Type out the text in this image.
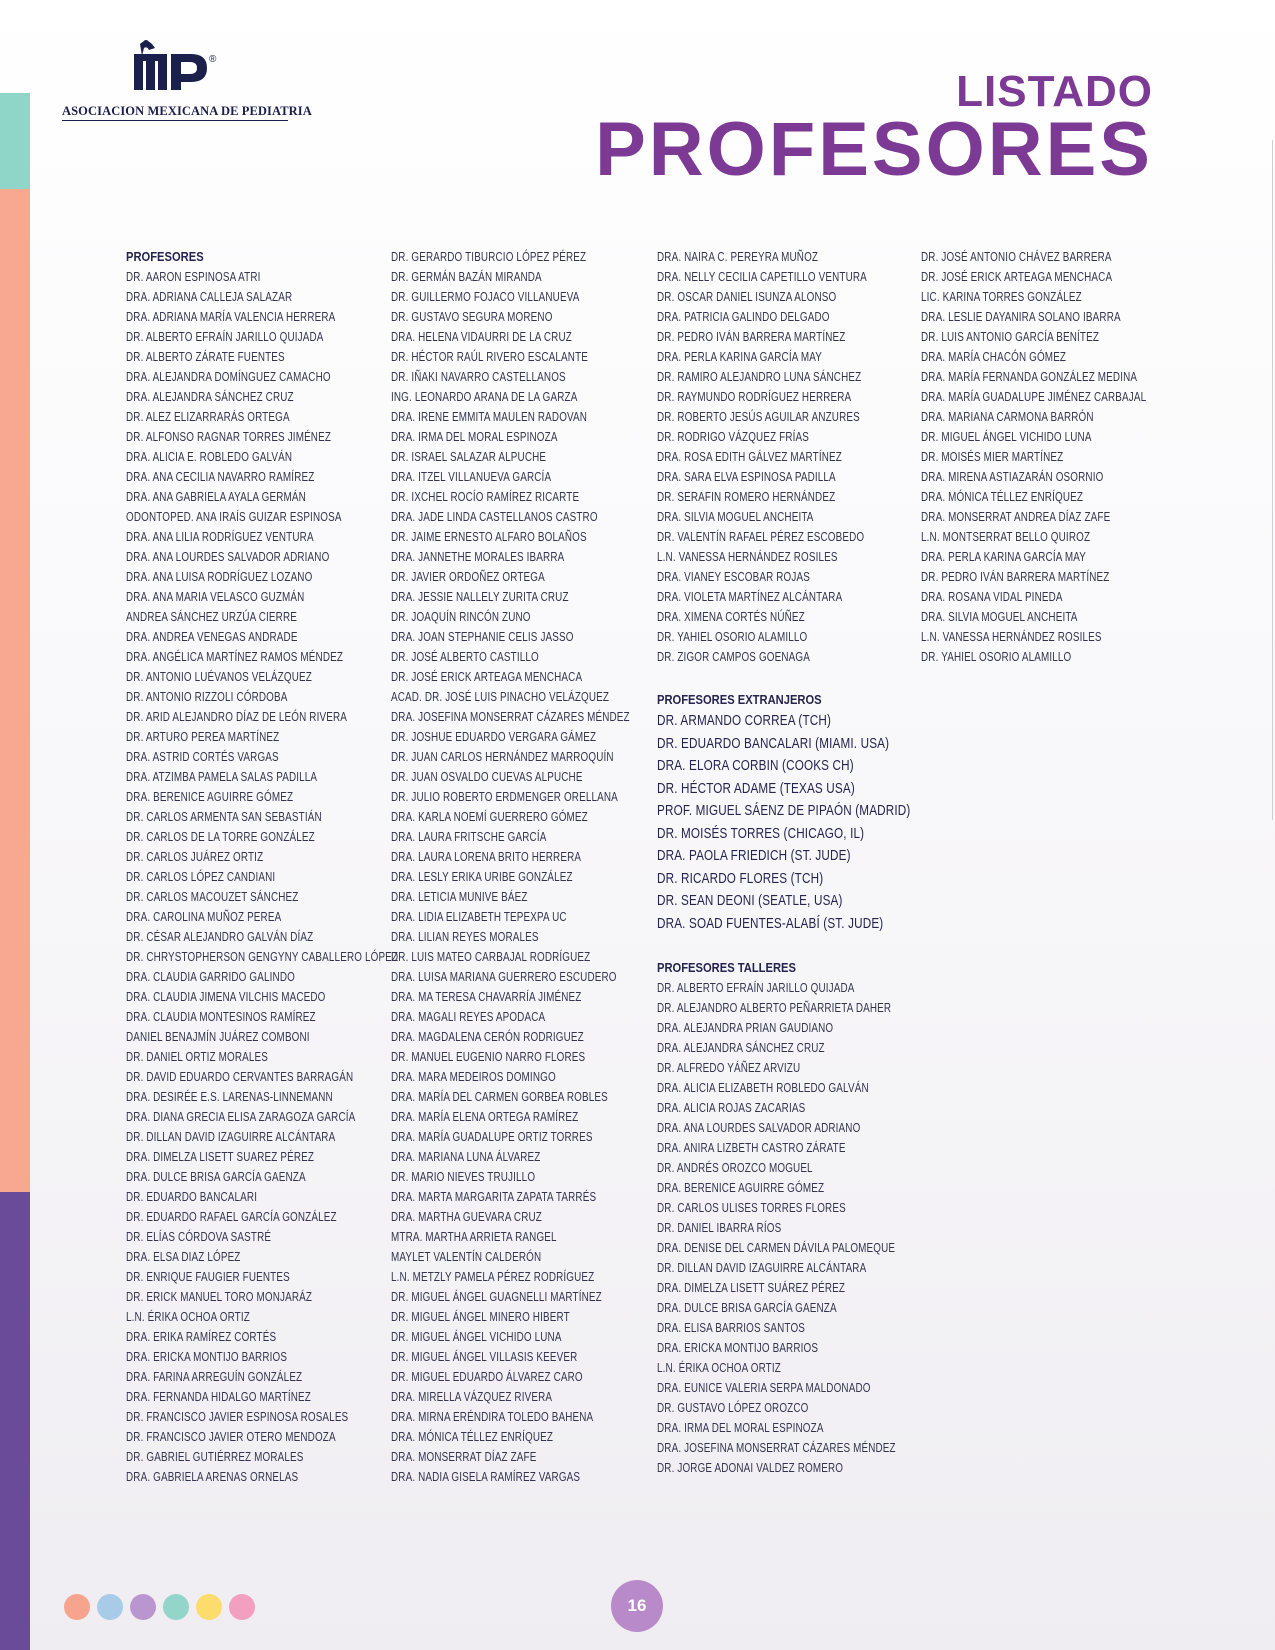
®
ASOCIACION MEXICANA DE PEDIATRIA	LISTADO
PROFESORES
PROFESORES
DR. AARON ESPINOSA ATRI
DRA. ADRIANA CALLEJA SALAZAR
DRA. ADRIANA MARÍA VALENCIA HERRERA
DR. ALBERTO EFRAÍN JARILLO QUIJADA
DR. ALBERTO ZÁRATE FUENTES
DRA. ALEJANDRA DOMÍNGUEZ CAMACHO
DRA. ALEJANDRA SÁNCHEZ CRUZ
DR. ALEZ ELIZARRARÁS ORTEGA
DR. ALFONSO RAGNAR TORRES JIMÉNEZ
DRA. ALICIA E. ROBLEDO GALVÁN
DRA. ANA CECILIA NAVARRO RAMÍREZ
DRA. ANA GABRIELA AYALA GERMÁN
ODONTOPED. ANA IRAÍS GUIZAR ESPINOSA
DRA. ANA LILIA RODRÍGUEZ VENTURA
DRA. ANA LOURDES SALVADOR ADRIANO
DRA. ANA LUISA RODRÍGUEZ LOZANO
DRA. ANA MARIA VELASCO GUZMÁN
ANDREA SÁNCHEZ URZÚA CIERRE
DRA. ANDREA VENEGAS ANDRADE
DRA. ANGÉLICA MARTÍNEZ RAMOS MÉNDEZ
DR. ANTONIO LUÉVANOS VELÁZQUEZ
DR. ANTONIO RIZZOLI CÓRDOBA
DR. ARID ALEJANDRO DÍAZ DE LEÓN RIVERA
DR. ARTURO PEREA MARTÍNEZ
DRA. ASTRID CORTÉS VARGAS
DRA. ATZIMBA PAMELA SALAS PADILLA
DRA. BERENICE AGUIRRE GÓMEZ
DR. CARLOS ARMENTA SAN SEBASTIÁN
DR. CARLOS DE LA TORRE GONZÁLEZ
DR. CARLOS JUÁREZ ORTIZ
DR. CARLOS LÓPEZ CANDIANI
DR. CARLOS MACOUZET SÁNCHEZ
DRA. CAROLINA MUÑOZ PEREA
DR. CÉSAR ALEJANDRO GALVÁN DÍAZ
DR. CHRYSTOPHERSON GENGYNY CABALLERO LÓPEZ
DRA. CLAUDIA GARRIDO GALINDO
DRA. CLAUDIA JIMENA VILCHIS MACEDO
DRA. CLAUDIA MONTESINOS RAMÍREZ
DANIEL BENAJMÍN JUÁREZ COMBONI
DR. DANIEL ORTIZ MORALES
DR. DAVID EDUARDO CERVANTES BARRAGÁN
DRA. DESIRÉE E.S. LARENAS-LINNEMANN
DRA. DIANA GRECIA ELISA ZARAGOZA GARCÍA
DR. DILLAN DAVID IZAGUIRRE ALCÁNTARA
DRA. DIMELZA LISETT SUAREZ PÉREZ
DRA. DULCE BRISA GARCÍA GAENZA
DR. EDUARDO BANCALARI
DR. EDUARDO RAFAEL GARCÍA GONZÁLEZ
DR. ELÍAS CÓRDOVA SASTRÉ
DRA. ELSA DIAZ LÓPEZ
DR. ENRIQUE FAUGIER FUENTES
DR. ERICK MANUEL TORO MONJARÁZ
L.N. ÉRIKA OCHOA ORTIZ
DRA. ERIKA RAMÍREZ CORTÉS
DRA. ERICKA MONTIJO BARRIOS
DRA. FARINA ARREGUÍN GONZÁLEZ
DRA. FERNANDA HIDALGO MARTÍNEZ
DR. FRANCISCO JAVIER ESPINOSA ROSALES
DR. FRANCISCO JAVIER OTERO MENDOZA
DR. GABRIEL GUTIÉRREZ MORALES
DRA. GABRIELA ARENAS ORNELAS
DR. GERARDO TIBURCIO LÓPEZ PÉREZ
DR. GERMÁN BAZÁN MIRANDA
DR. GUILLERMO FOJACO VILLANUEVA
DR. GUSTAVO SEGURA MORENO
DRA. HELENA VIDAURRI DE LA CRUZ
DR. HÉCTOR RAÚL RIVERO ESCALANTE
DR. IÑAKI NAVARRO CASTELLANOS
ING. LEONARDO ARANA DE LA GARZA
DRA. IRENE EMMITA MAULEN RADOVAN
DRA. IRMA DEL MORAL ESPINOZA
DR. ISRAEL SALAZAR ALPUCHE
DRA. ITZEL VILLANUEVA GARCÍA
DR. IXCHEL ROCÍO RAMÍREZ RICARTE
DRA. JADE LINDA CASTELLANOS CASTRO
DR. JAIME ERNESTO ALFARO BOLAÑOS
DRA. JANNETHE MORALES IBARRA
DR. JAVIER ORDOÑEZ ORTEGA
DRA. JESSIE NALLELY ZURITA CRUZ
DR. JOAQUÍN RINCÓN ZUNO
DRA. JOAN STEPHANIE CELIS JASSO
DR. JOSÉ ALBERTO CASTILLO
DR. JOSÉ ERICK ARTEAGA MENCHACA
ACAD. DR. JOSÉ LUIS PINACHO VELÁZQUEZ
DRA. JOSEFINA MONSERRAT CÁZARES MÉNDEZ
DR. JOSHUE EDUARDO VERGARA GÁMEZ
DR. JUAN CARLOS HERNÁNDEZ MARROQUÍN
DR. JUAN OSVALDO CUEVAS ALPUCHE
DR. JULIO ROBERTO ERDMENGER ORELLANA
DRA. KARLA NOEMÍ GUERRERO GÓMEZ
DRA. LAURA FRITSCHE GARCÍA
DRA. LAURA LORENA BRITO HERRERA
DRA. LESLY ERIKA URIBE GONZÁLEZ
DRA. LETICIA MUNIVE BÁEZ
DRA. LIDIA ELIZABETH TEPEXPA UC
DRA. LILIAN REYES MORALES
DR. LUIS MATEO CARBAJAL RODRÍGUEZ
DRA. LUISA MARIANA GUERRERO ESCUDERO
DRA. MA TERESA CHAVARRÍA JIMÉNEZ
DRA. MAGALI REYES APODACA
DRA. MAGDALENA CERÓN RODRIGUEZ
DR. MANUEL EUGENIO NARRO FLORES
DRA. MARA MEDEIROS DOMINGO
DRA. MARÍA DEL CARMEN GORBEA ROBLES
DRA. MARÍA ELENA ORTEGA RAMÍREZ
DRA. MARÍA GUADALUPE ORTIZ TORRES
DRA. MARIANA LUNA ÁLVAREZ
DR. MARIO NIEVES TRUJILLO
DRA. MARTA MARGARITA ZAPATA TARRÉS
DRA. MARTHA GUEVARA CRUZ
MTRA. MARTHA ARRIETA RANGEL
MAYLET VALENTÍN CALDERÓN
L.N. METZLY PAMELA PÉREZ RODRÍGUEZ
DR. MIGUEL ÁNGEL GUAGNELLI MARTÍNEZ
DR. MIGUEL ÁNGEL MINERO HIBERT
DR. MIGUEL ÁNGEL VICHIDO LUNA
DR. MIGUEL ÁNGEL VILLASIS KEEVER
DR. MIGUEL EDUARDO ÁLVAREZ CARO
DRA. MIRELLA VÁZQUEZ RIVERA
DRA. MIRNA ERÉNDIRA TOLEDO BAHENA
DRA. MÓNICA TÉLLEZ ENRÍQUEZ
DRA. MONSERRAT DÍAZ ZAFE
DRA. NADIA GISELA RAMÍREZ VARGAS
DRA. NAIRA C. PEREYRA MUÑOZ
DRA. NELLY CECILIA CAPETILLO VENTURA
DR. OSCAR DANIEL ISUNZA ALONSO
DRA. PATRICIA GALINDO DELGADO
DR. PEDRO IVÁN BARRERA MARTÍNEZ
DRA. PERLA KARINA GARCÍA MAY
DR. RAMIRO ALEJANDRO LUNA SÁNCHEZ
DR. RAYMUNDO RODRÍGUEZ HERRERA
DR. ROBERTO JESÚS AGUILAR ANZURES
DR. RODRIGO VÁZQUEZ FRÍAS
DRA. ROSA EDITH GÁLVEZ MARTÍNEZ
DRA. SARA ELVA ESPINOSA PADILLA
DR. SERAFIN ROMERO HERNÁNDEZ
DRA. SILVIA MOGUEL ANCHEITA
DR. VALENTÍN RAFAEL PÉREZ ESCOBEDO
L.N. VANESSA HERNÁNDEZ ROSILES
DRA. VIANEY ESCOBAR ROJAS
DRA. VIOLETA MARTÍNEZ ALCÁNTARA
DRA. XIMENA CORTÉS NÚÑEZ
DR. YAHIEL OSORIO ALAMILLO
DR. ZIGOR CAMPOS GOENAGA
PROFESORES EXTRANJEROS
DR. ARMANDO CORREA (TCH)
DR. EDUARDO BANCALARI (MIAMI. USA)
DRA. ELORA CORBIN (COOKS CH)
DR. HÉCTOR ADAME (TEXAS USA)
PROF. MIGUEL SÁENZ DE PIPAÓN (MADRID)
DR. MOISÉS TORRES (CHICAGO, IL)
DRA. PAOLA FRIEDICH (ST. JUDE)
DR. RICARDO FLORES (TCH)
DR. SEAN DEONI (SEATLE, USA)
DRA. SOAD FUENTES-ALABÍ (ST. JUDE)
PROFESORES TALLERES
DR. ALBERTO EFRAÍN JARILLO QUIJADA
DR. ALEJANDRO ALBERTO PEÑARRIETA DAHER
DRA. ALEJANDRA PRIAN GAUDIANO
DRA. ALEJANDRA SÁNCHEZ CRUZ
DR. ALFREDO YÁÑEZ ARVIZU
DRA. ALICIA ELIZABETH ROBLEDO GALVÁN
DRA. ALICIA ROJAS ZACARIAS
DRA. ANA LOURDES SALVADOR ADRIANO
DRA. ANIRA LIZBETH CASTRO ZÁRATE
DR. ANDRÉS OROZCO MOGUEL
DRA. BERENICE AGUIRRE GÓMEZ
DR. CARLOS ULISES TORRES FLORES
DR. DANIEL IBARRA RÍOS
DRA. DENISE DEL CARMEN DÁVILA PALOMEQUE
DR. DILLAN DAVID IZAGUIRRE ALCÁNTARA
DRA. DIMELZA LISETT SUÁREZ PÉREZ
DRA. DULCE BRISA GARCÍA GAENZA
DRA. ELISA BARRIOS SANTOS
DRA. ERICKA MONTIJO BARRIOS
L.N. ÉRIKA OCHOA ORTIZ
DRA. EUNICE VALERIA SERPA MALDONADO
DR. GUSTAVO LÓPEZ OROZCO
DRA. IRMA DEL MORAL ESPINOZA
DRA. JOSEFINA MONSERRAT CÁZARES MÉNDEZ
DR. JORGE ADONAI VALDEZ ROMERO
DR. JOSÉ ANTONIO CHÁVEZ BARRERA
DR. JOSÉ ERICK ARTEAGA MENCHACA
LIC. KARINA TORRES GONZÁLEZ
DRA. LESLIE DAYANIRA SOLANO IBARRA
DR. LUIS ANTONIO GARCÍA BENÍTEZ
DRA. MARÍA CHACÓN GÓMEZ
DRA. MARÍA FERNANDA GONZÁLEZ MEDINA
DRA. MARÍA GUADALUPE JIMÉNEZ CARBAJAL
DRA. MARIANA CARMONA BARRÓN
DR. MIGUEL ÁNGEL VICHIDO LUNA
DR. MOISÉS MIER MARTÍNEZ
DRA. MIRENA ASTIAZARÁN OSORNIO
DRA. MÓNICA TÉLLEZ ENRÍQUEZ
DRA. MONSERRAT ANDREA DÍAZ ZAFE
L.N. MONTSERRAT BELLO QUIROZ
DRA. PERLA KARINA GARCÍA MAY
DR. PEDRO IVÁN BARRERA MARTÍNEZ
DRA. ROSANA VIDAL PINEDA
DRA. SILVIA MOGUEL ANCHEITA
L.N. VANESSA HERNÁNDEZ ROSILES
DR. YAHIEL OSORIO ALAMILLO
16
